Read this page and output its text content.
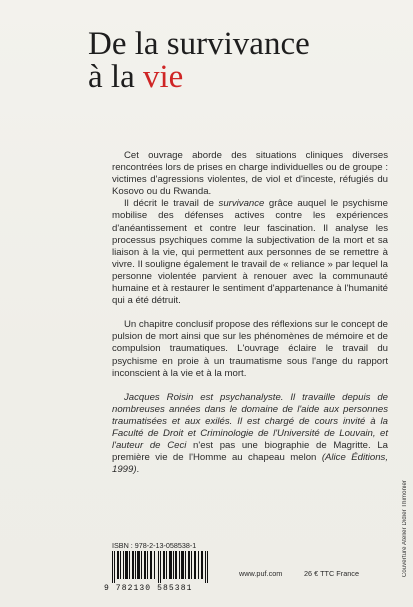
De la survivance
à la vie

Cet ouvrage aborde des situations cliniques diverses rencontrées lors de prises en charge individuelles ou de groupe : victimes d'agressions violentes, de viol et d'inceste, réfugiés du Kosovo ou du Rwanda.

Il décrit le travail de survivance grâce auquel le psychisme mobilise des défenses actives contre les expériences d'anéantissement et contre leur fascination. Il analyse les processus psychiques comme la subjectivation de la mort et sa liaison à la vie, qui permettent aux personnes de se remettre à vivre. Il souligne également le travail de « reliance » par lequel la personne violentée parvient à renouer avec la communauté humaine et à restaurer le sentiment d'appartenance à l'humanité qui a été détruit.

Un chapitre conclusif propose des réflexions sur le concept de pulsion de mort ainsi que sur les phénomènes de mémoire et de compulsion traumatiques. L'ouvrage éclaire le travail du psychisme en proie à un traumatisme sous l'ange du rapport inconscient à la vie et à la mort.

Jacques Roisin est psychanalyste. Il travaille depuis de nombreuses années dans le domaine de l'aide aux personnes traumatisées et aux exilés. Il est chargé de cours invité à la Faculté de Droit et Criminologie de l'Université de Louvain, et l'auteur de Ceci n'est pas une biographie de Magritte. La première vie de l'Homme au chapeau melon (Alice Éditions, 1999).

Couverture Atelier Didier Thimonier
ISBN : 978-2-13-058538-1
9 782130 585381
www.puf.com	26 € TTC France
